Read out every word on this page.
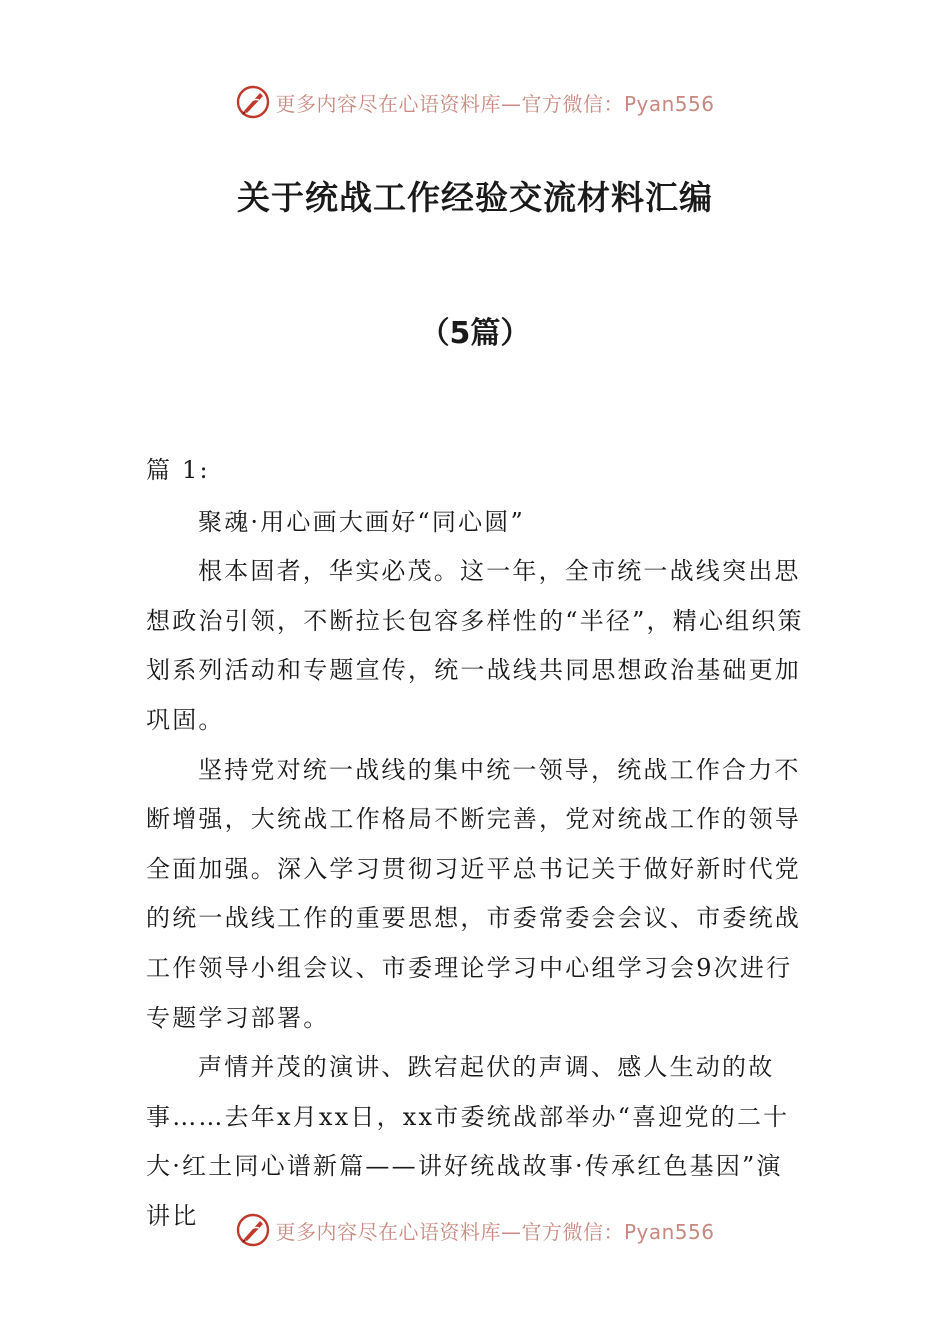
更多内容尽在心语资料库—官方微信：Pyan556
关于统战工作经验交流材料汇编
（5篇）

篇 1:

聚魂·用心画大画好“同心圆”

根本固者，华实必茂。这一年，全市统一战线突出思想政治引领，不断拉长包容多样性的“半径”，精心组织策划系列活动和专题宣传，统一战线共同思想政治基础更加巩固。

坚持党对统一战线的集中统一领导，统战工作合力不断增强，大统战工作格局不断完善，党对统战工作的领导全面加强。深入学习贯彻习近平总书记关于做好新时代党的统一战线工作的重要思想，市委常委会会议、市委统战工作领导小组会议、市委理论学习中心组学习会9次进行专题学习部署。

声情并茂的演讲、跌宕起伏的声调、感人生动的故事……去年x月xx日，xx市委统战部举办“喜迎党的二十大·红土同心谱新篇——讲好统战故事·传承红色基因”演讲比

更多内容尽在心语资料库—官方微信：Pyan556
